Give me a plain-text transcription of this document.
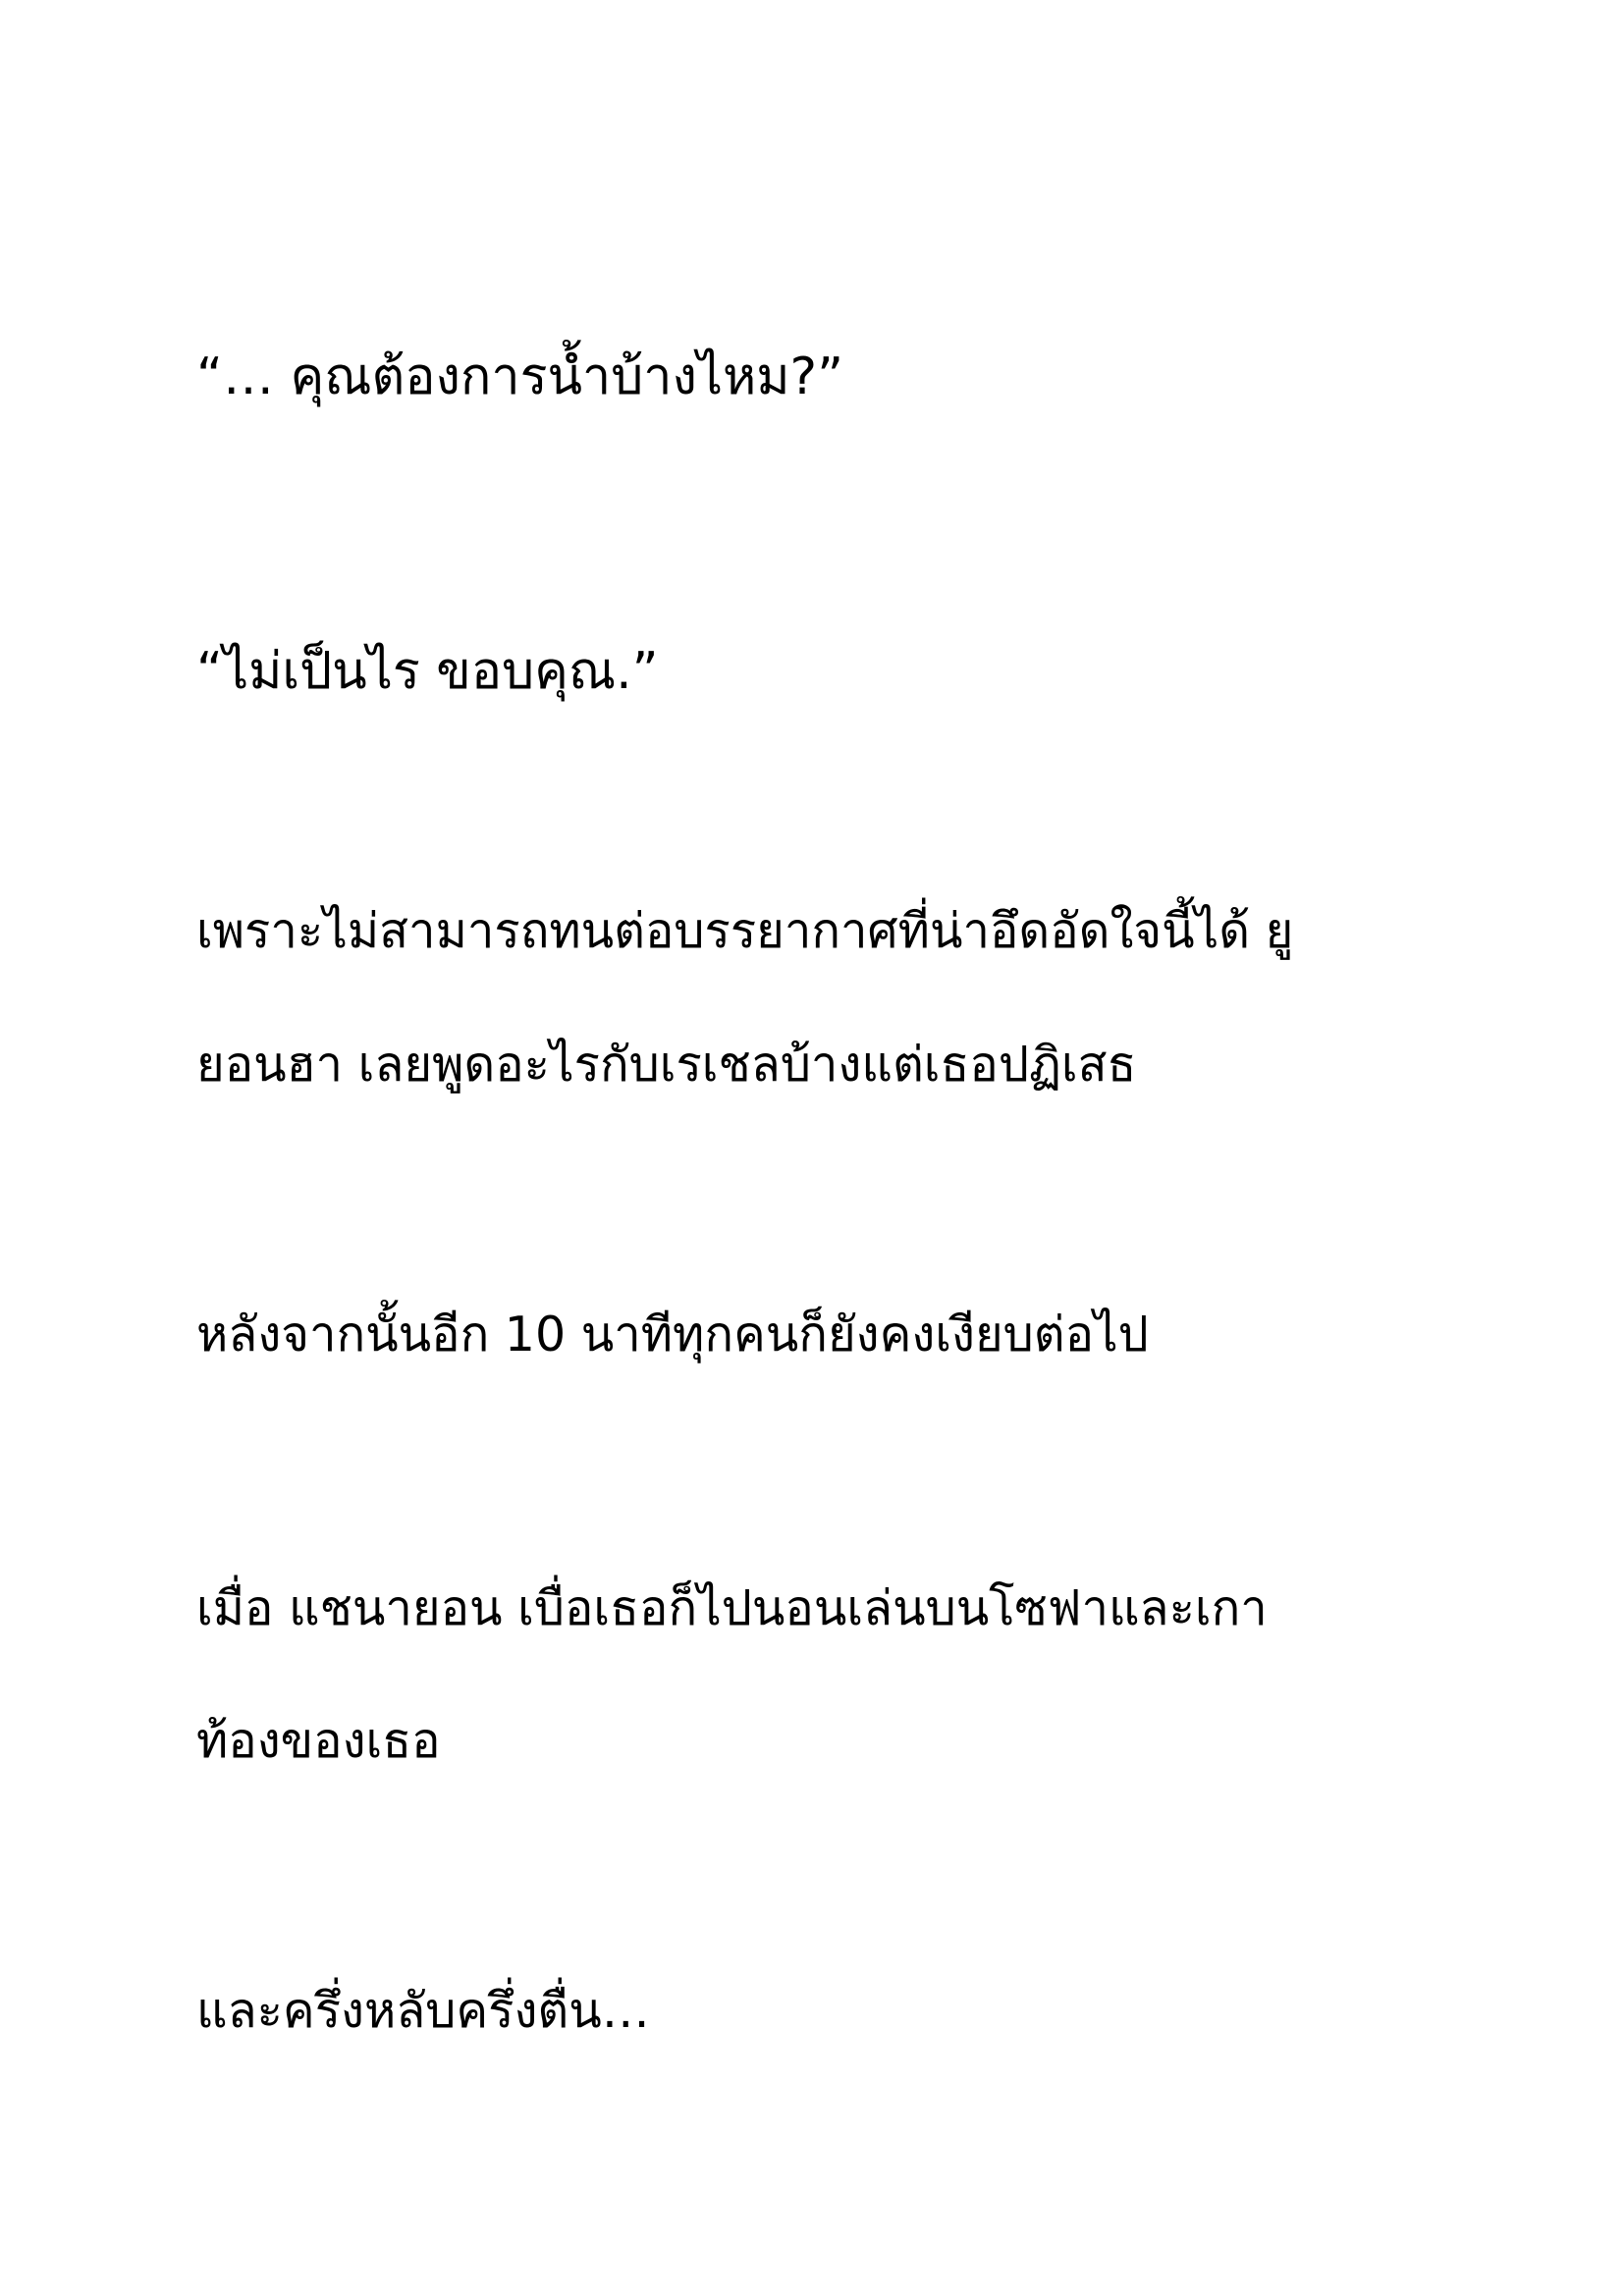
“… คุณต้องการน้ำบ้างไหม?”

“ไม่เป็นไร ขอบคุณ.”

เพราะไม่สามารถทนต่อบรรยากาศที่น่าอึดอัดใจนี้ได้ ยู

ยอนฮา เลยพูดอะไรกับเรเชลบ้างแต่เธอปฏิเสธ

หลังจากนั้นอีก 10 นาทีทุกคนก็ยังคงเงียบต่อไป

เมื่อ แชนายอน เบื่อเธอก็ไปนอนเล่นบนโซฟาและเกา

ท้องของเธอ

และครึ่งหลับครึ่งตื่น…
